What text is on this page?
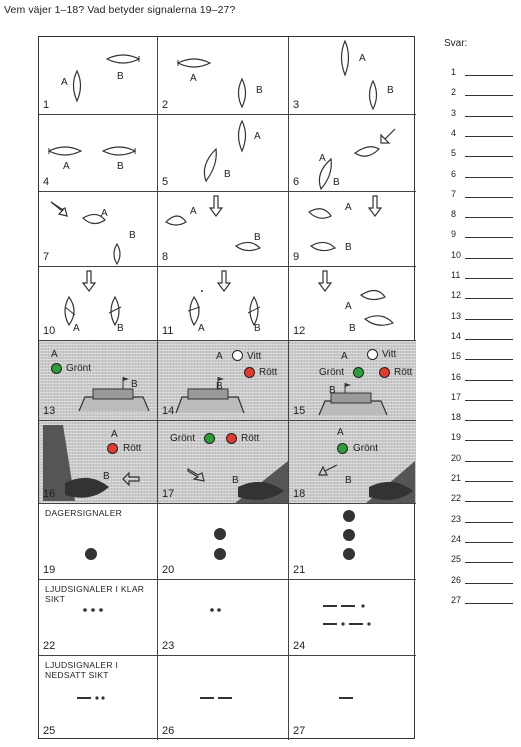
Vem väjer 1–18? Vad betyder signalerna 19–27?
A
B
1
A
B
2
A
B
3
A	B
4
A
B
5
A
B
6
A
B
7
A
B
8
A
B
9
A	B
10	A	B
11
A
B
12
A
Grönt
B
13
A Vitt
Rött
B
14
A	Vitt
Grönt	Rött
B
15
A
Rött
B
16
Grönt	Rött
B
17
A
Grönt
B
18
DAGERSIGNALER
19	20	21
LJUDSIGNALER I KLAR SIKT
22	23	24
LJUDSIGNALER I NEDSATT SIKT
25	26	27
Svar:
1
2
3
4
5
6
7
8
9
10
11
12
13
14
15
16
17
18
19
20
21
22
23
24
25
26
27
